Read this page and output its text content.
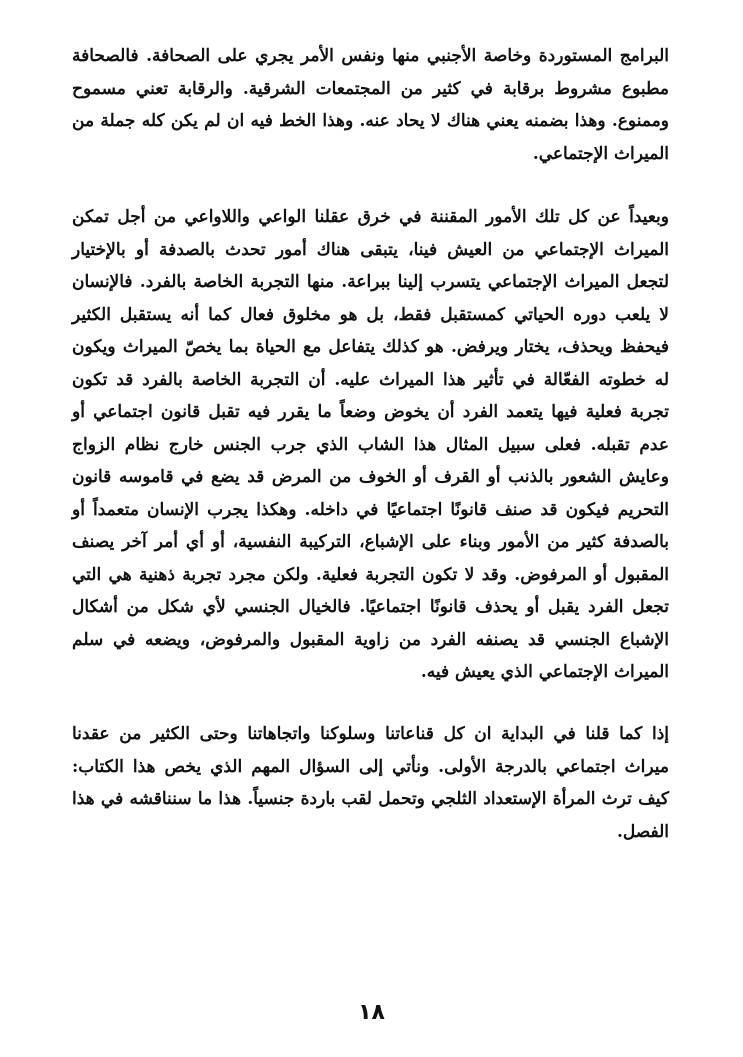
البرامج المستوردة وخاصة الأجنبي منها ونفس الأمر يجري على الصحافة. فالصحافة مطبوع مشروط برقابة في كثير من المجتمعات الشرقية. والرقابة تعني مسموح وممنوع. وهذا بضمنه يعني هناك لا يحاد عنه. وهذا الخط فيه ان لم يكن كله جملة من الميراث الإجتماعي.

وبعيداً عن كل تلك الأمور المقننة في خرق عقلنا الواعي واللاواعي من أجل تمكن الميراث الإجتماعي من العيش فينا، يتبقى هناك أمور تحدث بالصدفة أو بالإختيار لتجعل الميراث الإجتماعي يتسرب إلينا ببراعة. منها التجربة الخاصة بالفرد. فالإنسان لا يلعب دوره الحياتي كمستقبل فقط، بل هو مخلوق فعال كما أنه يستقبل الكثير فيحفظ ويحذف، يختار ويرفض. هو كذلك يتفاعل مع الحياة بما يخصّ الميراث ويكون له خطوته الفعّالة في تأثير هذا الميراث عليه. أن التجربة الخاصة بالفرد قد تكون تجربة فعلية فيها يتعمد الفرد أن يخوض وضعاً ما يقرر فيه تقبل قانون اجتماعي أو عدم تقبله. فعلى سبيل المثال هذا الشاب الذي جرب الجنس خارج نظام الزواج وعايش الشعور بالذنب أو القرف أو الخوف من المرض قد يضع في قاموسه قانون التحريم فيكون قد صنف قانونًا اجتماعيًا في داخله. وهكذا يجرب الإنسان متعمداً أو بالصدفة كثير من الأمور وبناء على الإشباع، التركيبة النفسية، أو أي أمر آخر يصنف المقبول أو المرفوض. وقد لا تكون التجربة فعلية. ولكن مجرد تجربة ذهنية هي التي تجعل الفرد يقبل أو يحذف قانونًا اجتماعيًا. فالخيال الجنسي لأي شكل من أشكال الإشباع الجنسي قد يصنفه الفرد من زاوية المقبول والمرفوض، ويضعه في سلم الميراث الإجتماعي الذي يعيش فيه.

إذا كما قلنا في البداية ان كل قناعاتنا وسلوكنا واتجاهاتنا وحتى الكثير من عقدنا ميراث اجتماعي بالدرجة الأولى. ونأتي إلى السؤال المهم الذي يخص هذا الكتاب: كيف ترث المرأة الإستعداد الثلجي وتحمل لقب باردة جنسياً. هذا ما سنناقشه في هذا الفصل.

١٨
